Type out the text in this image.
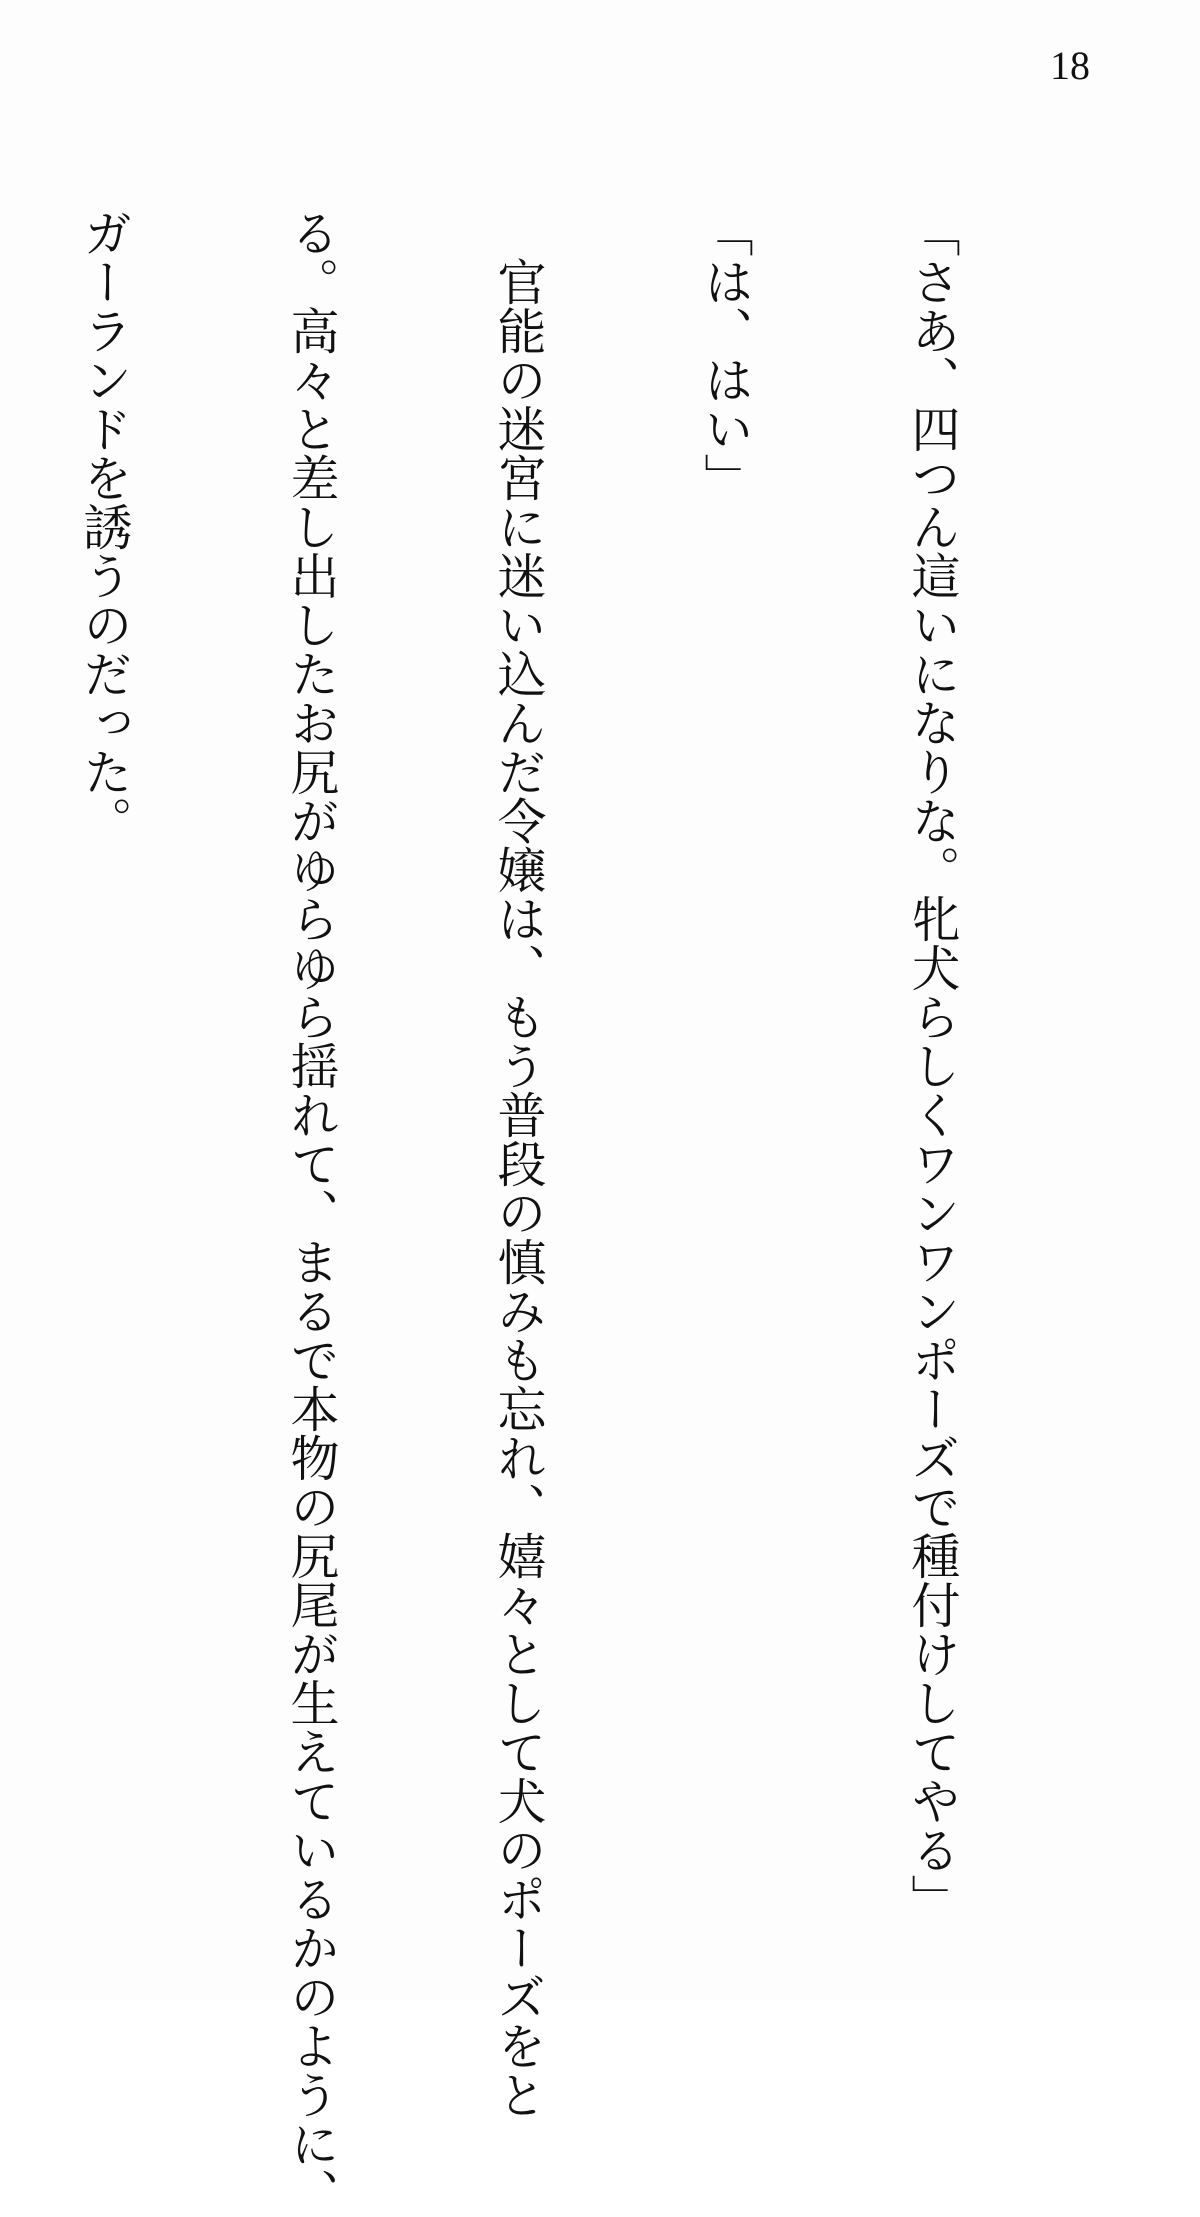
18

「さあ、四つん這いになりな。牝犬らしくワンワンポーズで種付けしてやる」

「は、はい」

　官能の迷宮に迷い込んだ令嬢は、もう普段の慎みも忘れ、嬉々として犬のポーズをと

る。高々と差し出したお尻がゆらゆら揺れて、まるで本物の尻尾が生えているかのように、

ガーランドを誘うのだった。
